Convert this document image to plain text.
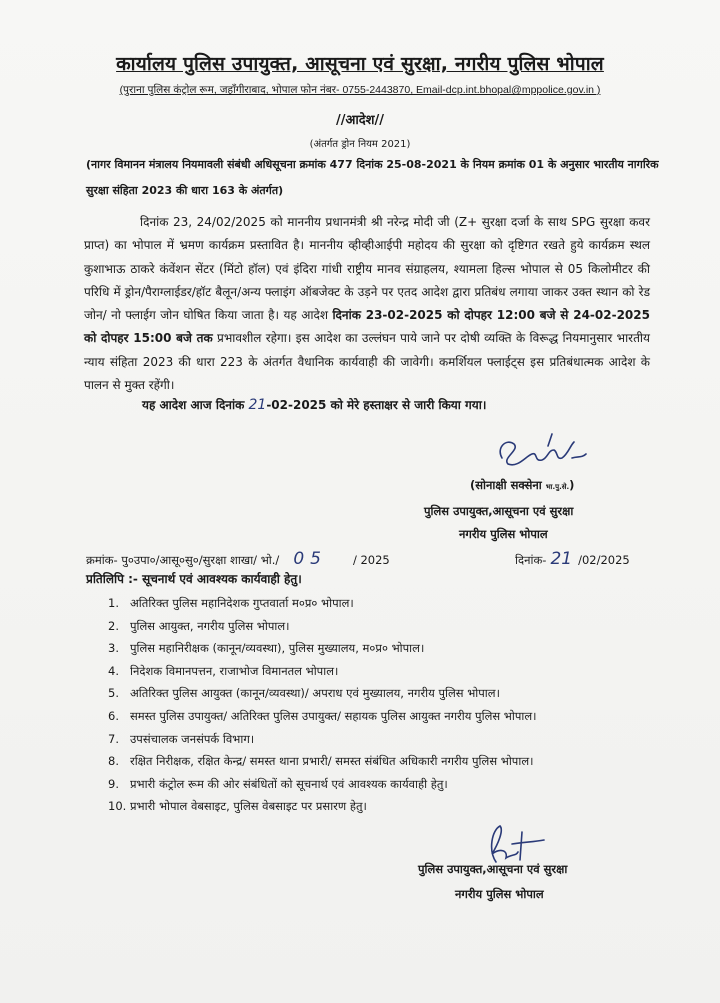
कार्यालय पुलिस उपायुक्त, आसूचना एवं सुरक्षा, नगरीय पुलिस भोपाल
(पुराना पुलिस कंट्रोल रूम, जहाँगीराबाद, भोपाल फोन नंबर- 0755-2443870, Email-dcp.int.bhopal@mppolice.gov.in )
//आदेश//
(अंतर्गत ड्रोन नियम 2021)
(नागर विमानन मंत्रालय नियमावली संबंधी अधिसूचना क्रमांक 477 दिनांक 25-08-2021 के नियम क्रमांक 01 के अनुसार भारतीय नागरिक सुरक्षा संहिता 2023 की धारा 163 के अंतर्गत)
दिनांक 23, 24/02/2025 को माननीय प्रधानमंत्री श्री नरेन्द्र मोदी जी (Z+ सुरक्षा दर्जा के साथ SPG सुरक्षा कवर प्राप्त) का भोपाल में भ्रमण कार्यक्रम प्रस्तावित है। माननीय व्हीव्हीआईपी महोदय की सुरक्षा को दृष्टिगत रखते हुये कार्यक्रम स्थल कुशाभाऊ ठाकरे कंवेंशन सेंटर (मिंटो हॉल) एवं इंदिरा गांधी राष्ट्रीय मानव संग्राहलय, श्यामला हिल्स भोपाल से 05 किलोमीटर की परिधि में ड्रोन/पैराग्लाईडर/हॉट बैलून/अन्य फ्लाइंग ऑबजेक्ट के उड़ने पर एतद आदेश द्वारा प्रतिबंध लगाया जाकर उक्त स्थान को रेड जोन/ नो फ्लाईग जोन घोषित किया जाता है। यह आदेश दिनांक 23-02-2025 को दोपहर 12:00 बजे से 24-02-2025 को दोपहर 15:00 बजे तक प्रभावशील रहेगा। इस आदेश का उल्लंघन पाये जाने पर दोषी व्यक्ति के विरूद्ध नियमानुसार भारतीय न्याय संहिता 2023 की धारा 223 के अंतर्गत वैधानिक कार्यवाही की जावेगी। कमर्शियल फ्लाईट्स इस प्रतिबंधात्मक आदेश के पालन से मुक्त रहेंगी।
यह आदेश आज दिनांक 21-02-2025 को मेरे हस्ताक्षर से जारी किया गया।
(सोनाक्षी सक्सेना भा.पु.से.)
पुलिस उपायुक्त,आसूचना एवं सुरक्षा
नगरीय पुलिस भोपाल
क्रमांक- पु०उपा०/आसू०सु०/सुरक्षा शाखा/ भो./ 05 / 2025	दिनांक- 21 /02/2025
प्रतिलिपि :- सूचनार्थ एवं आवश्यक कार्यवाही हेतु।
1. अतिरिक्त पुलिस महानिदेशक गुप्तवार्ता म०प्र० भोपाल।
2. पुलिस आयुक्त, नगरीय पुलिस भोपाल।
3. पुलिस महानिरीक्षक (कानून/व्यवस्था), पुलिस मुख्यालय, म०प्र० भोपाल।
4. निदेशक विमानपत्तन, राजाभोज विमानतल भोपाल।
5. अतिरिक्त पुलिस आयुक्त (कानून/व्यवस्था)/ अपराध एवं मुख्यालय, नगरीय पुलिस भोपाल।
6. समस्त पुलिस उपायुक्त/ अतिरिक्त पुलिस उपायुक्त/ सहायक पुलिस आयुक्त नगरीय पुलिस भोपाल।
7. उपसंचालक जनसंपर्क विभाग।
8. रक्षित निरीक्षक, रक्षित केन्द्र/ समस्त थाना प्रभारी/ समस्त संबंधित अधिकारी नगरीय पुलिस भोपाल।
9. प्रभारी कंट्रोल रूम की ओर संबंधितों को सूचनार्थ एवं आवश्यक कार्यवाही हेतु।
10. प्रभारी भोपाल वेबसाइट, पुलिस वेबसाइट पर प्रसारण हेतु।
पुलिस उपायुक्त,आसूचना एवं सुरक्षा
नगरीय पुलिस भोपाल
